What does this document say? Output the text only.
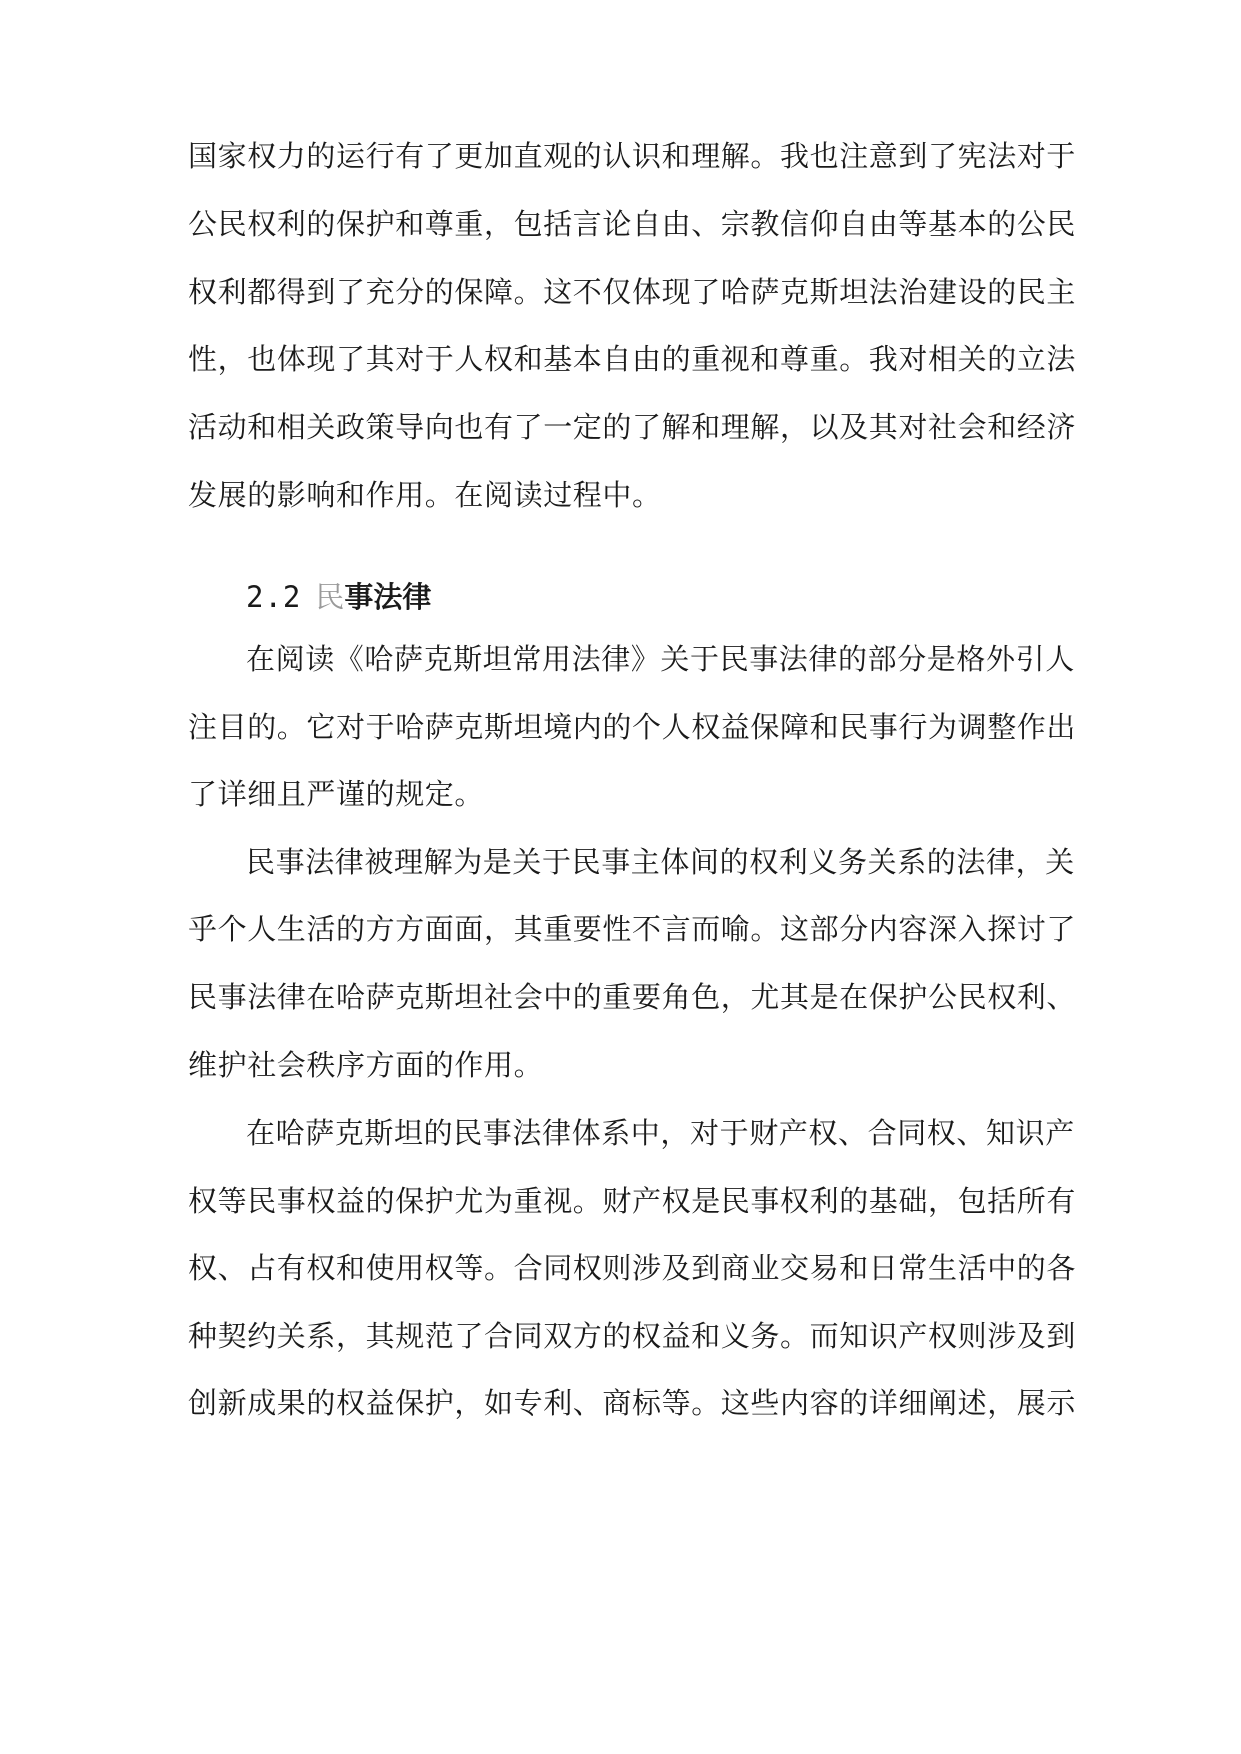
国家权力的运行有了更加直观的认识和理解。我也注意到了宪法对于
公民权利的保护和尊重，包括言论自由、宗教信仰自由等基本的公民
权利都得到了充分的保障。这不仅体现了哈萨克斯坦法治建设的民主
性，也体现了其对于人权和基本自由的重视和尊重。我对相关的立法
活动和相关政策导向也有了一定的了解和理解，以及其对社会和经济
发展的影响和作用。在阅读过程中。
2.2 民事法律
在阅读《哈萨克斯坦常用法律》关于民事法律的部分是格外引人
注目的。它对于哈萨克斯坦境内的个人权益保障和民事行为调整作出
了详细且严谨的规定。
民事法律被理解为是关于民事主体间的权利义务关系的法律，关
乎个人生活的方方面面，其重要性不言而喻。这部分内容深入探讨了
民事法律在哈萨克斯坦社会中的重要角色，尤其是在保护公民权利、
维护社会秩序方面的作用。
在哈萨克斯坦的民事法律体系中，对于财产权、合同权、知识产
权等民事权益的保护尤为重视。财产权是民事权利的基础，包括所有
权、占有权和使用权等。合同权则涉及到商业交易和日常生活中的各
种契约关系，其规范了合同双方的权益和义务。而知识产权则涉及到
创新成果的权益保护，如专利、商标等。这些内容的详细阐述，展示
